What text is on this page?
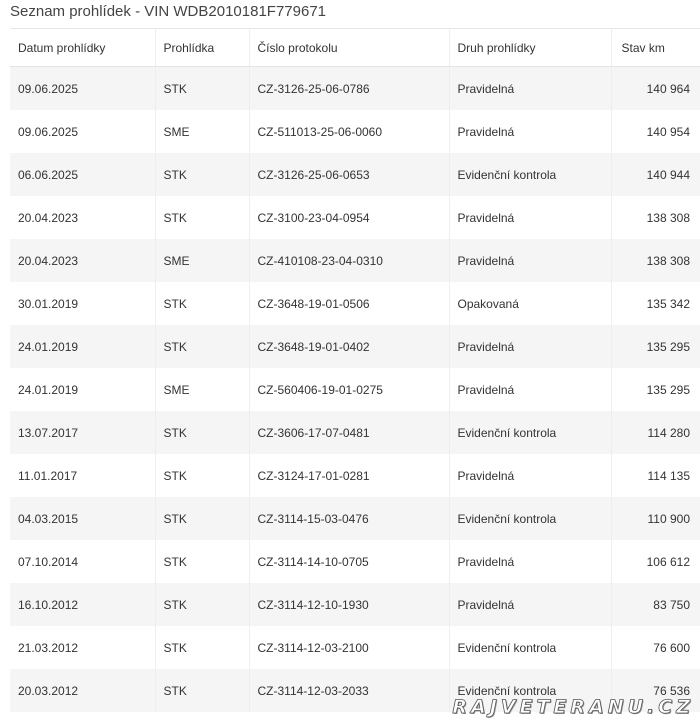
Seznam prohlídek - VIN WDB2010181F779671
Datum prohlídky	Prohlídka	Číslo protokolu	Druh prohlídky	Stav km
09.06.2025	STK	CZ-3126-25-06-0786	Pravidelná	140 964
09.06.2025	SME	CZ-511013-25-06-0060	Pravidelná	140 954
06.06.2025	STK	CZ-3126-25-06-0653	Evidenční kontrola	140 944
20.04.2023	STK	CZ-3100-23-04-0954	Pravidelná	138 308
20.04.2023	SME	CZ-410108-23-04-0310	Pravidelná	138 308
30.01.2019	STK	CZ-3648-19-01-0506	Opakovaná	135 342
24.01.2019	STK	CZ-3648-19-01-0402	Pravidelná	135 295
24.01.2019	SME	CZ-560406-19-01-0275	Pravidelná	135 295
13.07.2017	STK	CZ-3606-17-07-0481	Evidenční kontrola	114 280
11.01.2017	STK	CZ-3124-17-01-0281	Pravidelná	114 135
04.03.2015	STK	CZ-3114-15-03-0476	Evidenční kontrola	110 900
07.10.2014	STK	CZ-3114-14-10-0705	Pravidelná	106 612
16.10.2012	STK	CZ-3114-12-10-1930	Pravidelná	83 750
21.03.2012	STK	CZ-3114-12-03-2100	Evidenční kontrola	76 600
20.03.2012	STK	CZ-3114-12-03-2033	Evidenční kontrola	76 536
RAJVETERANU.CZ
